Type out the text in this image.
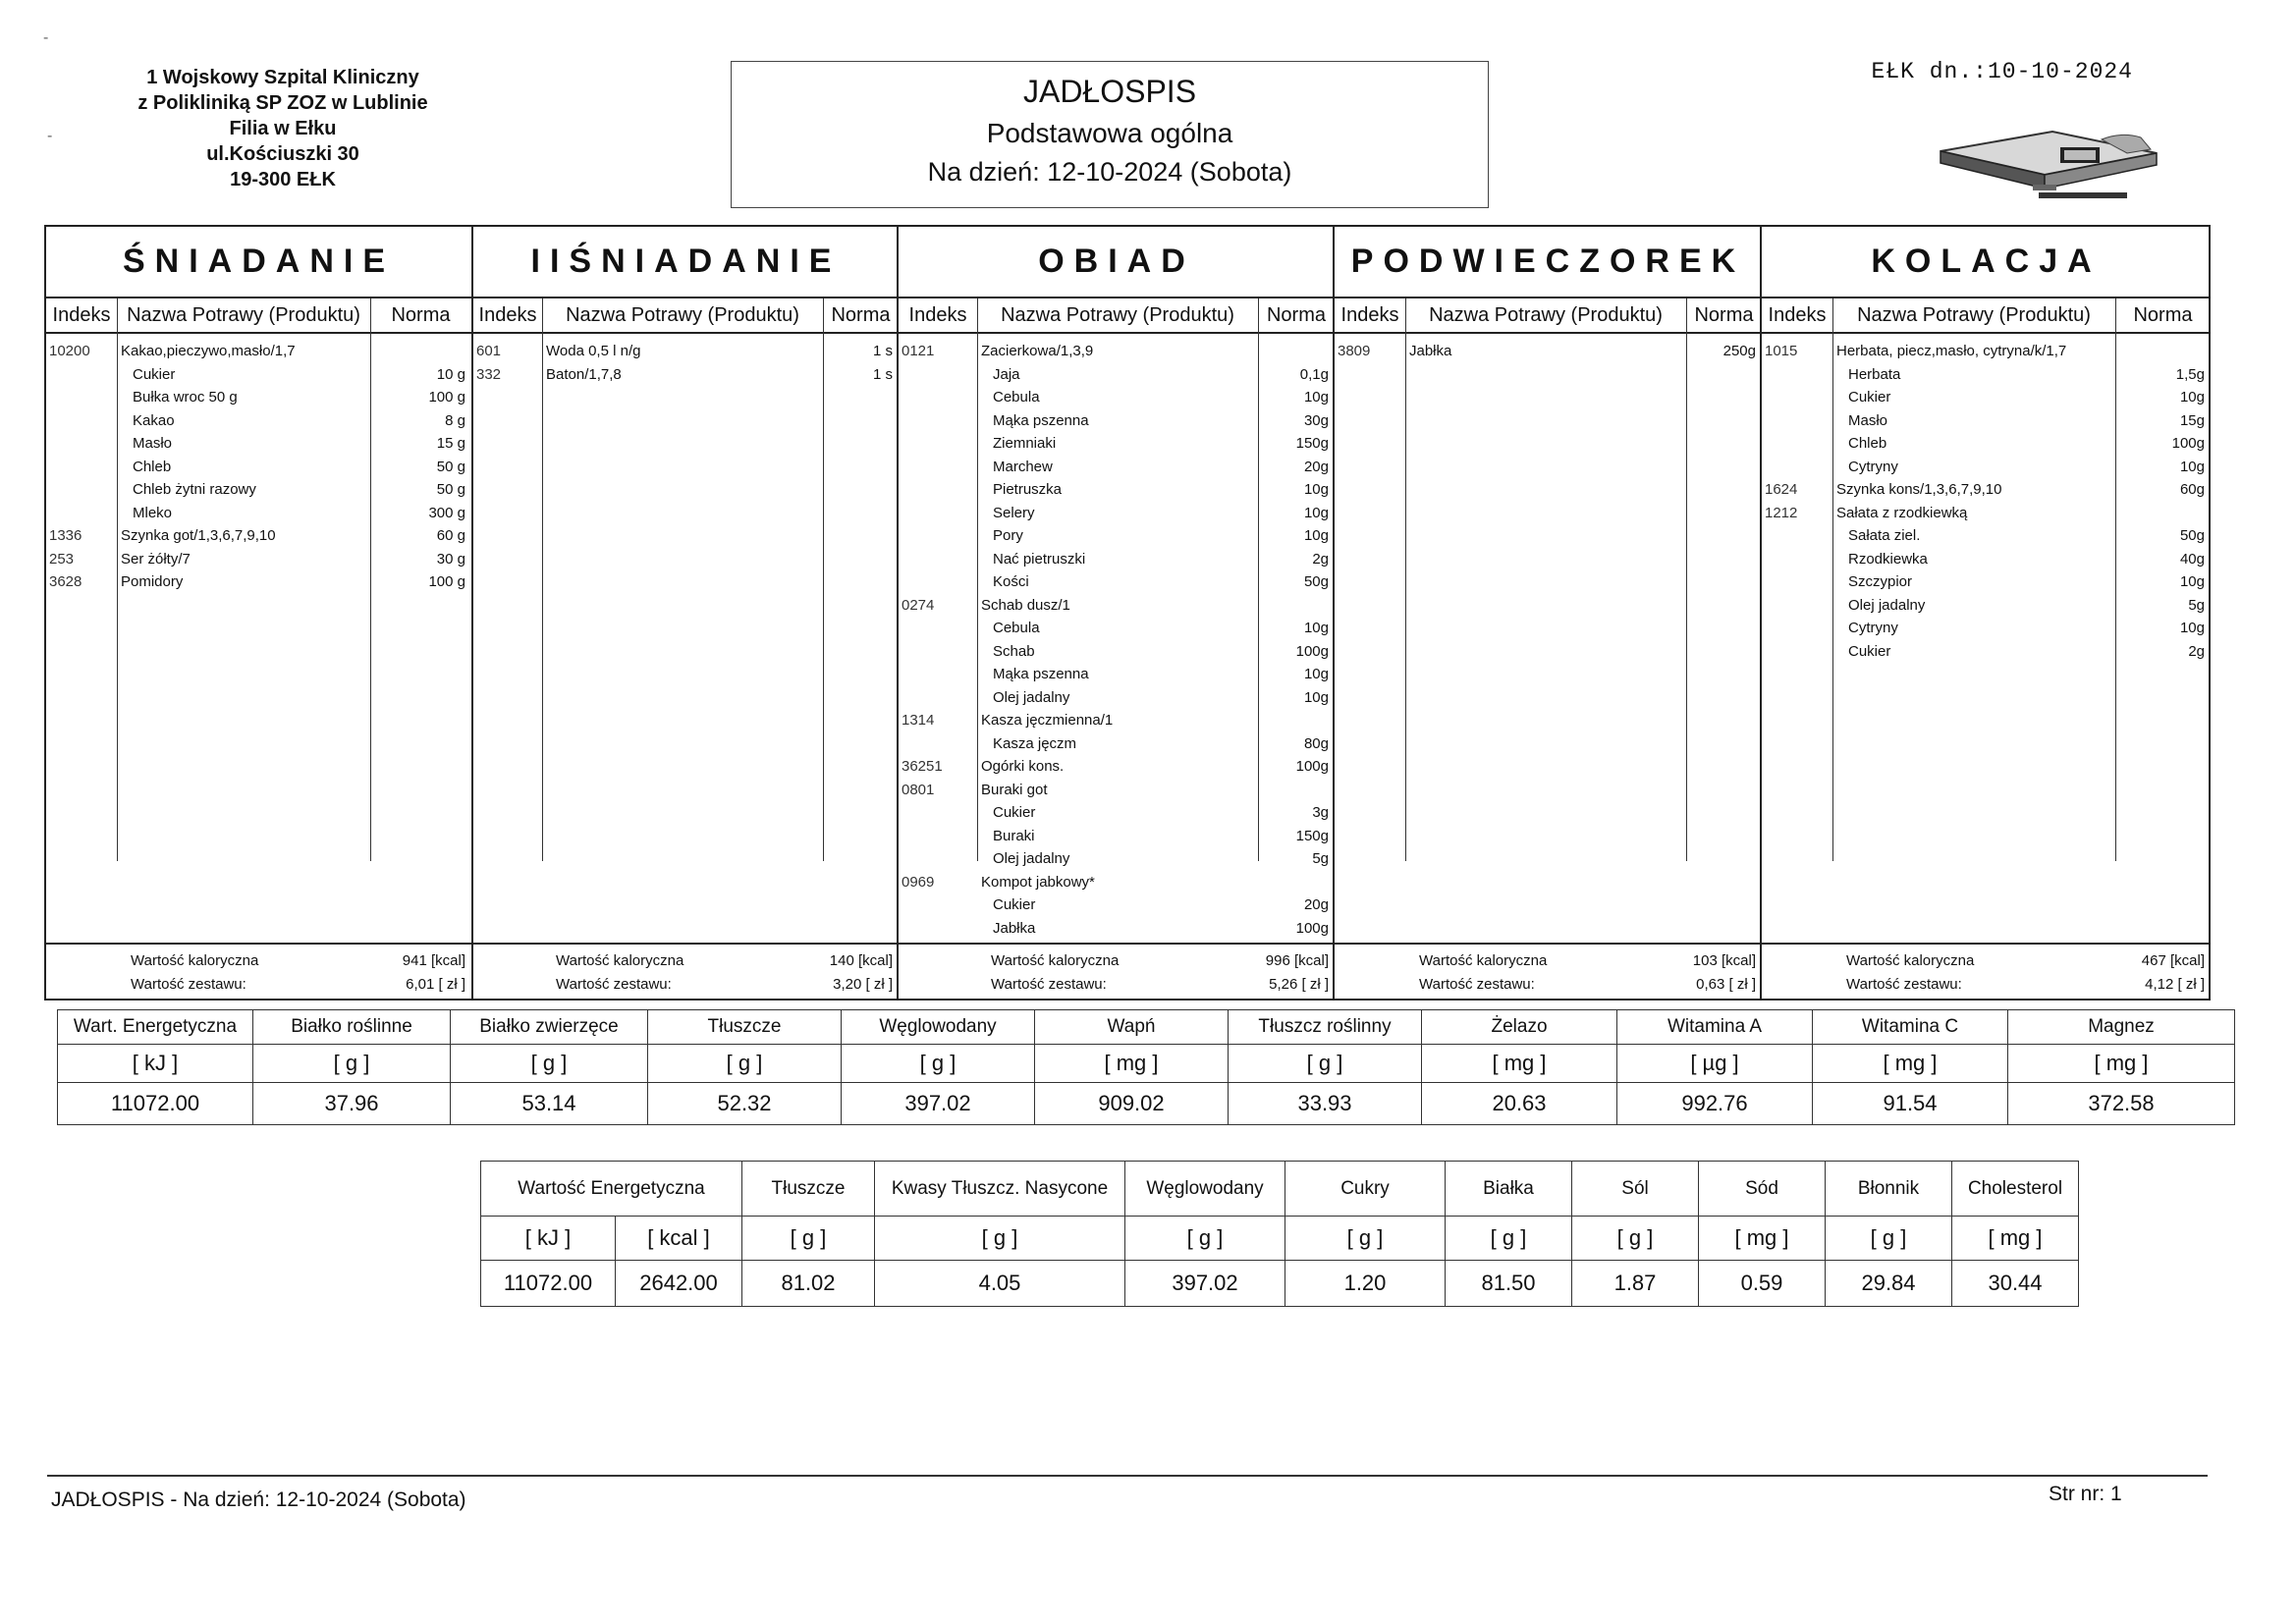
1 Wojskowy Szpital Kliniczny
z Polikliniką SP ZOZ w Lublinie
Filia w Ełku
ul.Kościuszki 30
19-300 EŁK
-
-
JADŁOSPIS
Podstawowa ogólna
Na dzień: 12-10-2024 (Sobota)
EŁK dn.:10-10-2024
ŚNIADANIE
Indeks Nazwa Potrawy (Produktu)	Norma
10200 Kakao,pieczywo,masło/1,7
Cukier	10 g
Bułka wroc 50 g	100 g
Kakao	8 g
Masło	15 g
Chleb	50 g
Chleb żytni razowy	50 g
Mleko	300 g
1336	Szynka got/1,3,6,7,9,10	60 g
253	Ser żółty/7	30 g
3628	Pomidory	100 g
Wartość kaloryczna	941 [kcal]
Wartość zestawu:	6,01 [ zł ]
IIŚNIADANIE
Indeks	Nazwa Potrawy (Produktu)	Norma
601	Woda 0,5 l n/g	1 s
332	Baton/1,7,8	1 s
Wartość kaloryczna	140 [kcal]
Wartość zestawu:	3,20 [ zł ]
OBIAD
Indeks	Nazwa Potrawy (Produktu)	Norma
0121	Zacierkowa/1,3,9
Jaja	0,1g
Cebula	10g
Mąka pszenna	30g
Ziemniaki	150g
Marchew	20g
Pietruszka	10g
Selery	10g
Pory	10g
Nać pietruszki	2g
Kości	50g
0274	Schab dusz/1
Cebula	10g
Schab	100g
Mąka pszenna	10g
Olej jadalny	10g
1314	Kasza jęczmienna/1
Kasza jęczm	80g
36251	Ogórki kons.	100g
0801	Buraki got
Cukier	3g
Buraki	150g
Olej jadalny	5g
0969	Kompot jabkowy*
Cukier	20g
Jabłka	100g
Wartość kaloryczna	996 [kcal]
Wartość zestawu:	5,26 [ zł ]
PODWIECZOREK
Indeks	Nazwa Potrawy (Produktu)	Norma
3809	Jabłka	250g
Wartość kaloryczna	103 [kcal]
Wartość zestawu:	0,63 [ zł ]
KOLACJA
Indeks	Nazwa Potrawy (Produktu)	Norma
1015	Herbata, piecz,masło, cytryna/k/1,7
Herbata	1,5g
Cukier	10g
Masło	15g
Chleb	100g
Cytryny	10g
1624	Szynka kons/1,3,6,7,9,10	60g
1212	Sałata z rzodkiewką
Sałata ziel.	50g
Rzodkiewka	40g
Szczypior	10g
Olej jadalny	5g
Cytryny	10g
Cukier	2g
Wartość kaloryczna	467 [kcal]
Wartość zestawu:	4,12 [ zł ]
Wart. Energetyczna	Białko roślinne	Białko zwierzęce	Tłuszcze	Węglowodany	Wapń	Tłuszcz roślinny	Żelazo	Witamina A	Witamina C	Magnez
[ kJ ]	[ g ]	[ g ]	[ g ]	[ g ]	[ mg ]	[ g ]	[ mg ]	[ µg ]	[ mg ]	[ mg ]
11072.00	37.96	53.14	52.32	397.02	909.02	33.93	20.63	992.76	91.54	372.58
Wartość Energetyczna		Tłuszcze	Kwasy Tłuszcz. Nasycone	Węglowodany	Cukry	Białka	Sól	Sód	Błonnik	Cholesterol
[ kJ ]	[ kcal ]	[ g ]	[ g ]	[ g ]	[ g ]	[ g ]	[ g ]	[ mg ]	[ g ]	[ mg ]
11072.00	2642.00	81.02	4.05	397.02	1.20	81.50	1.87	0.59	29.84	30.44
JADŁOSPIS - Na dzień: 12-10-2024 (Sobota)	Str nr: 1
